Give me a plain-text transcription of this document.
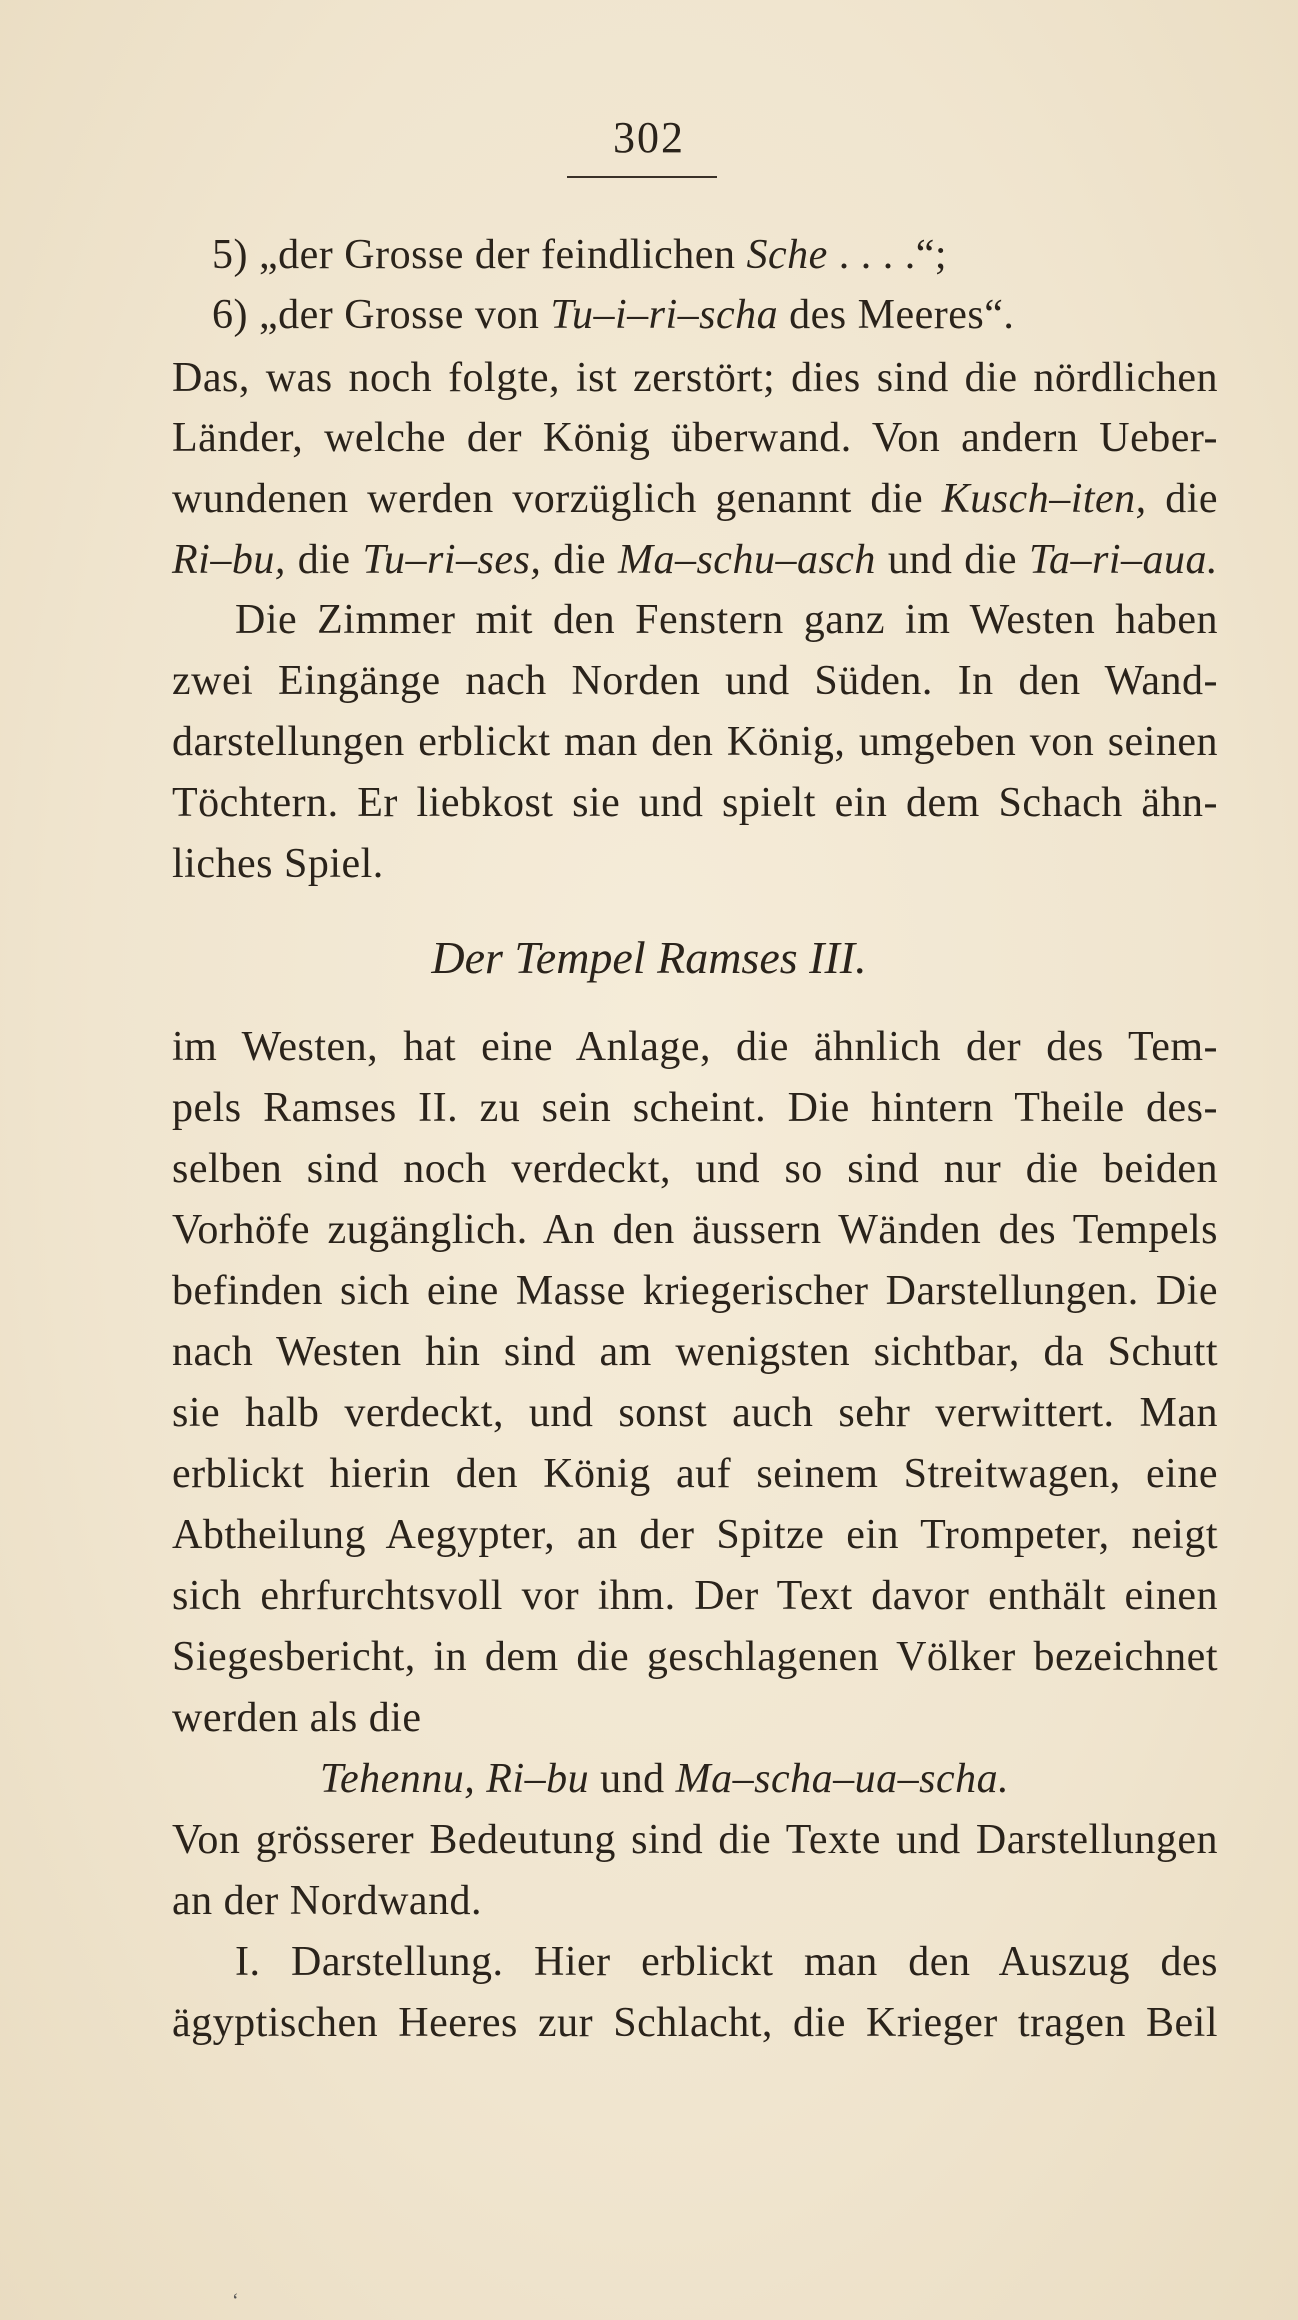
302
Der Tempel Ramses III.
5) „der Grosse der feindlichen Sche . . . .“;
6) „der Grosse von Tu–i–ri–scha des Meeres“.
Das, was noch folgte, ist zerstört; dies sind die nördlichen
Länder, welche der König überwand. Von andern Ueber-
wundenen werden vorzüglich genannt die Kusch–iten, die
Ri–bu, die Tu–ri–ses, die Ma–schu–asch und die Ta–ri–aua.
Die Zimmer mit den Fenstern ganz im Westen haben
zwei Eingänge nach Norden und Süden. In den Wand-
darstellungen erblickt man den König, umgeben von seinen
Töchtern. Er liebkost sie und spielt ein dem Schach ähn-
liches Spiel.
im Westen, hat eine Anlage, die ähnlich der des Tem-
pels Ramses II. zu sein scheint. Die hintern Theile des-
selben sind noch verdeckt, und so sind nur die beiden
Vorhöfe zugänglich. An den äussern Wänden des Tempels
befinden sich eine Masse kriegerischer Darstellungen. Die
nach Westen hin sind am wenigsten sichtbar, da Schutt
sie halb verdeckt, und sonst auch sehr verwittert. Man
erblickt hierin den König auf seinem Streitwagen, eine
Abtheilung Aegypter, an der Spitze ein Trompeter, neigt
sich ehrfurchtsvoll vor ihm. Der Text davor enthält einen
Siegesbericht, in dem die geschlagenen Völker bezeichnet
werden als die
Tehennu, Ri–bu und Ma–scha–ua–scha.
Von grösserer Bedeutung sind die Texte und Darstellungen
an der Nordwand.
I. Darstellung. Hier erblickt man den Auszug des
ägyptischen Heeres zur Schlacht, die Krieger tragen Beil
ʻ
